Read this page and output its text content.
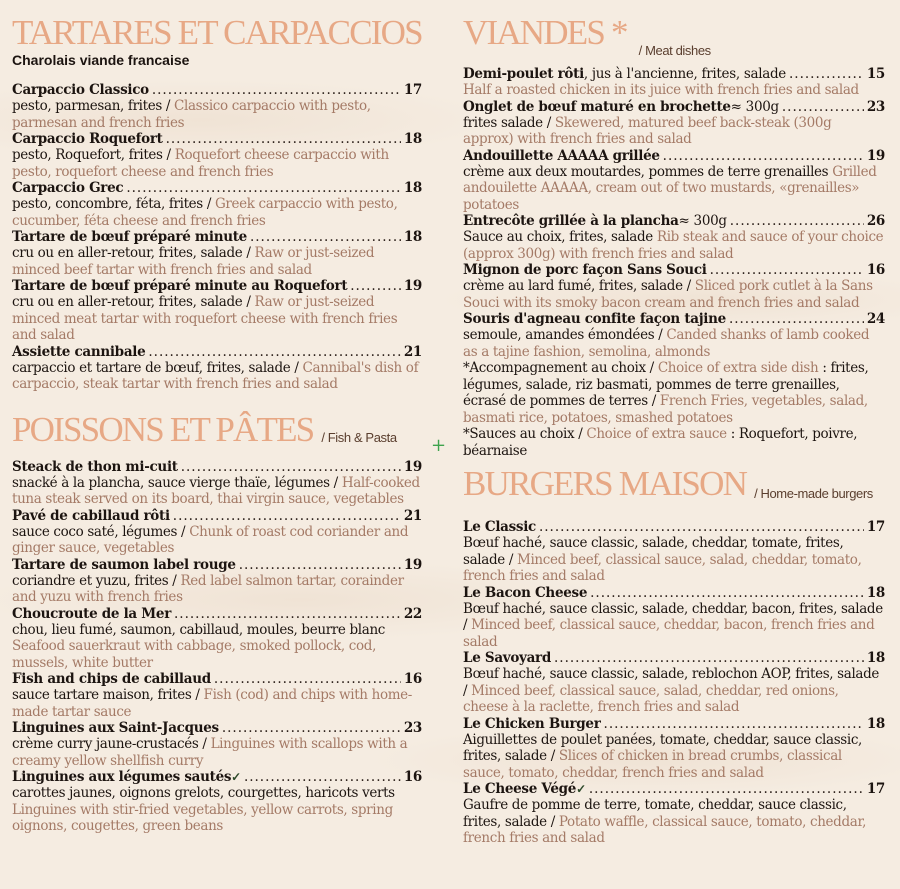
TARTARES ET CARPACCIOS
Charolais viande francaise
Carpaccio Classico .....	17
pesto, parmesan, frites / Classico carpaccio with pesto, parmesan and french fries
Carpaccio Roquefort .....	18
pesto, Roquefort, frites / Roquefort cheese carpaccio with pesto, roquefort cheese and french fries
Carpaccio Grec .....	18
pesto, concombre, féta, frites / Greek carpaccio with pesto, cucumber, féta cheese and french fries
Tartare de bœuf préparé minute .....	18
cru ou en aller-retour, frites, salade / Raw or just-seized minced beef tartar with french fries and salad
Tartare de bœuf préparé minute au Roquefort .....	19
cru ou en aller-retour, frites, salade / Raw or just-seized minced meat tartar with roquefort cheese with french fries and salad
Assiette cannibale .....	21
carpaccio et tartare de bœuf, frites, salade / Cannibal's dish of carpaccio, steak tartar with french fries and salad
POISSONS ET PÂTES / Fish & Pasta
Steack de thon mi-cuit .....	19
snacké à la plancha, sauce vierge thaïe, légumes / Half-cooked tuna steak served on its board, thai virgin sauce, vegetables
Pavé de cabillaud rôti .....	21
sauce coco saté, légumes / Chunk of roast cod coriander and ginger sauce, vegetables
Tartare de saumon label rouge .....	19
coriandre et yuzu, frites / Red label salmon tartar, corainder and yuzu with french fries
Choucroute de la Mer .....	22
chou, lieu fumé, saumon, cabillaud, moules, beurre blanc Seafood sauerkraut with cabbage, smoked pollock, cod, mussels, white butter
Fish and chips de cabillaud .....	16
sauce tartare maison, frites / Fish (cod) and chips with home-made tartar sauce
Linguines aux Saint-Jacques .....	23
crème curry jaune-crustacés / Linguines with scallops with a creamy yellow shellfish curry
Linguines aux légumes sautés ✓ .....	16
carottes jaunes, oignons grelots, courgettes, haricots verts Linguines with stir-fried vegetables, yellow carrots, spring oignons, cougettes, green beans
VIANDES * / Meat dishes
Demi-poulet rôti , jus à l'ancienne, frites, salade .....	15
Half a roasted chicken in its juice with french fries and salad
Onglet de bœuf maturé en brochette ≈ 300g .....	23
frites salade / Skewered, matured beef back-steak (300g approx) with french fries and salad
Andouillette AAAAA grillée .....	19
crème aux deux moutardes, pommes de terre grenailles Grilled andouilette AAAAA, cream out of two mustards, «grenailles» potatoes
Entrecôte grillée à la plancha ≈ 300g .....	26
Sauce au choix, frites, salade Rib steak and sauce of your choice (approx 300g) with french fries and salad
Mignon de porc façon Sans Souci .....	16
crème au lard fumé, frites, salade / Sliced pork cutlet à la Sans Souci with its smoky bacon cream and french fries and salad
Souris d'agneau confite façon tajine .....	24
semoule, amandes émondées / Canded shanks of lamb cooked as a tajine fashion, semolina, almonds
*Accompagnement au choix / Choice of extra side dish : frites, légumes, salade, riz basmati, pommes de terre grenailles, écrasé de pommes de terres / French Fries, vegetables, salad, basmati rice, potatoes, smashed potatoes
*Sauces au choix / Choice of extra sauce : Roquefort, poivre, béarnaise
BURGERS MAISON / Home-made burgers
Le Classic .....	17
Bœuf haché, sauce classic, salade, cheddar, tomate, frites, salade / Minced beef, classical sauce, salad, cheddar, tomato, french fries and salad
Le Bacon Cheese .....	18
Bœuf haché, sauce classic, salade, cheddar, bacon, frites, salade / Minced beef, classical sauce, cheddar, bacon, french fries and salad
Le Savoyard .....	18
Bœuf haché, sauce classic, salade, reblochon AOP, frites, salade / Minced beef, classical sauce, salad, cheddar, red onions, cheese à la raclette, french fries and salad
Le Chicken Burger .....	18
Aiguillettes de poulet panées, tomate, cheddar, sauce classic, frites, salade / Slices of chicken in bread crumbs, classical sauce, tomato, cheddar, french fries and salad
Le Cheese Végé ✓ .....	17
Gaufre de pomme de terre, tomate, cheddar, sauce classic, frites, salade / Potato waffle, classical sauce, tomato, cheddar, french fries and salad
+
